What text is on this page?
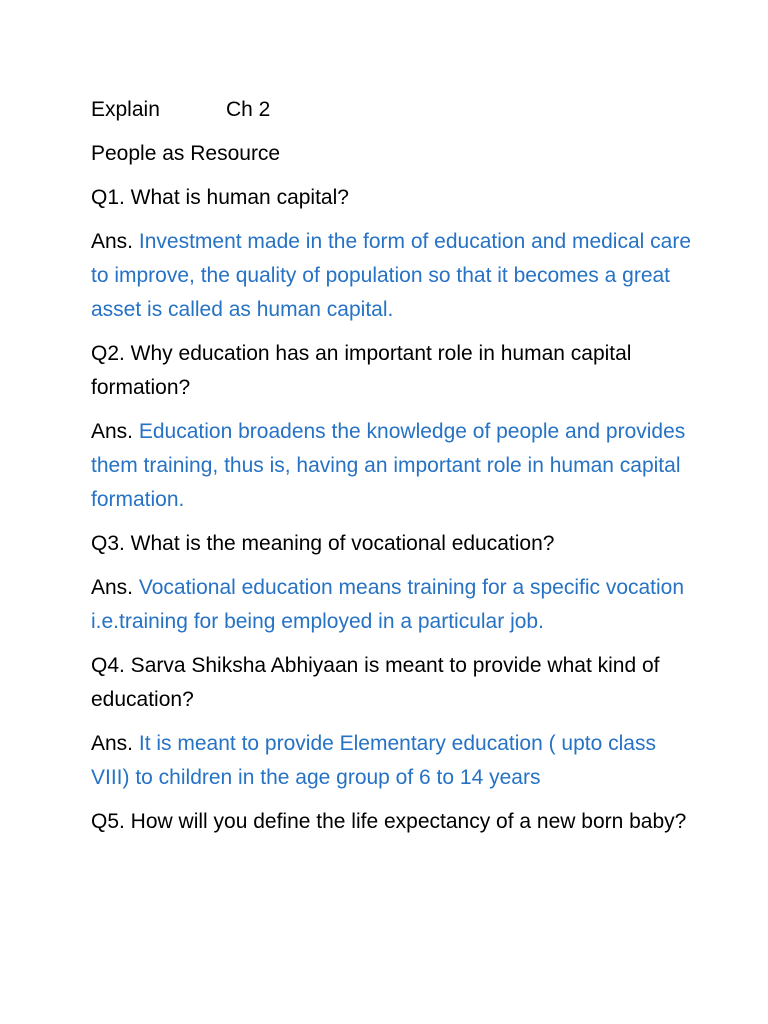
Explain	Ch 2

People as Resource

Q1. What is human capital?

Ans. Investment made in the form of education and medical care to improve, the quality of population so that it becomes a great asset is called as human capital.

Q2. Why education has an important role in human capital formation?

Ans. Education broadens the knowledge of people and provides them training, thus is, having an important role in human capital formation.

Q3. What is the meaning of vocational education?

Ans. Vocational education means training for a specific vocation i.e.training for being employed in a particular job.

Q4. Sarva Shiksha Abhiyaan is meant to provide what kind of education?

Ans. It is meant to provide Elementary education ( upto class VIII) to children in the age group of 6 to 14 years

Q5. How will you define the life expectancy of a new born baby?
